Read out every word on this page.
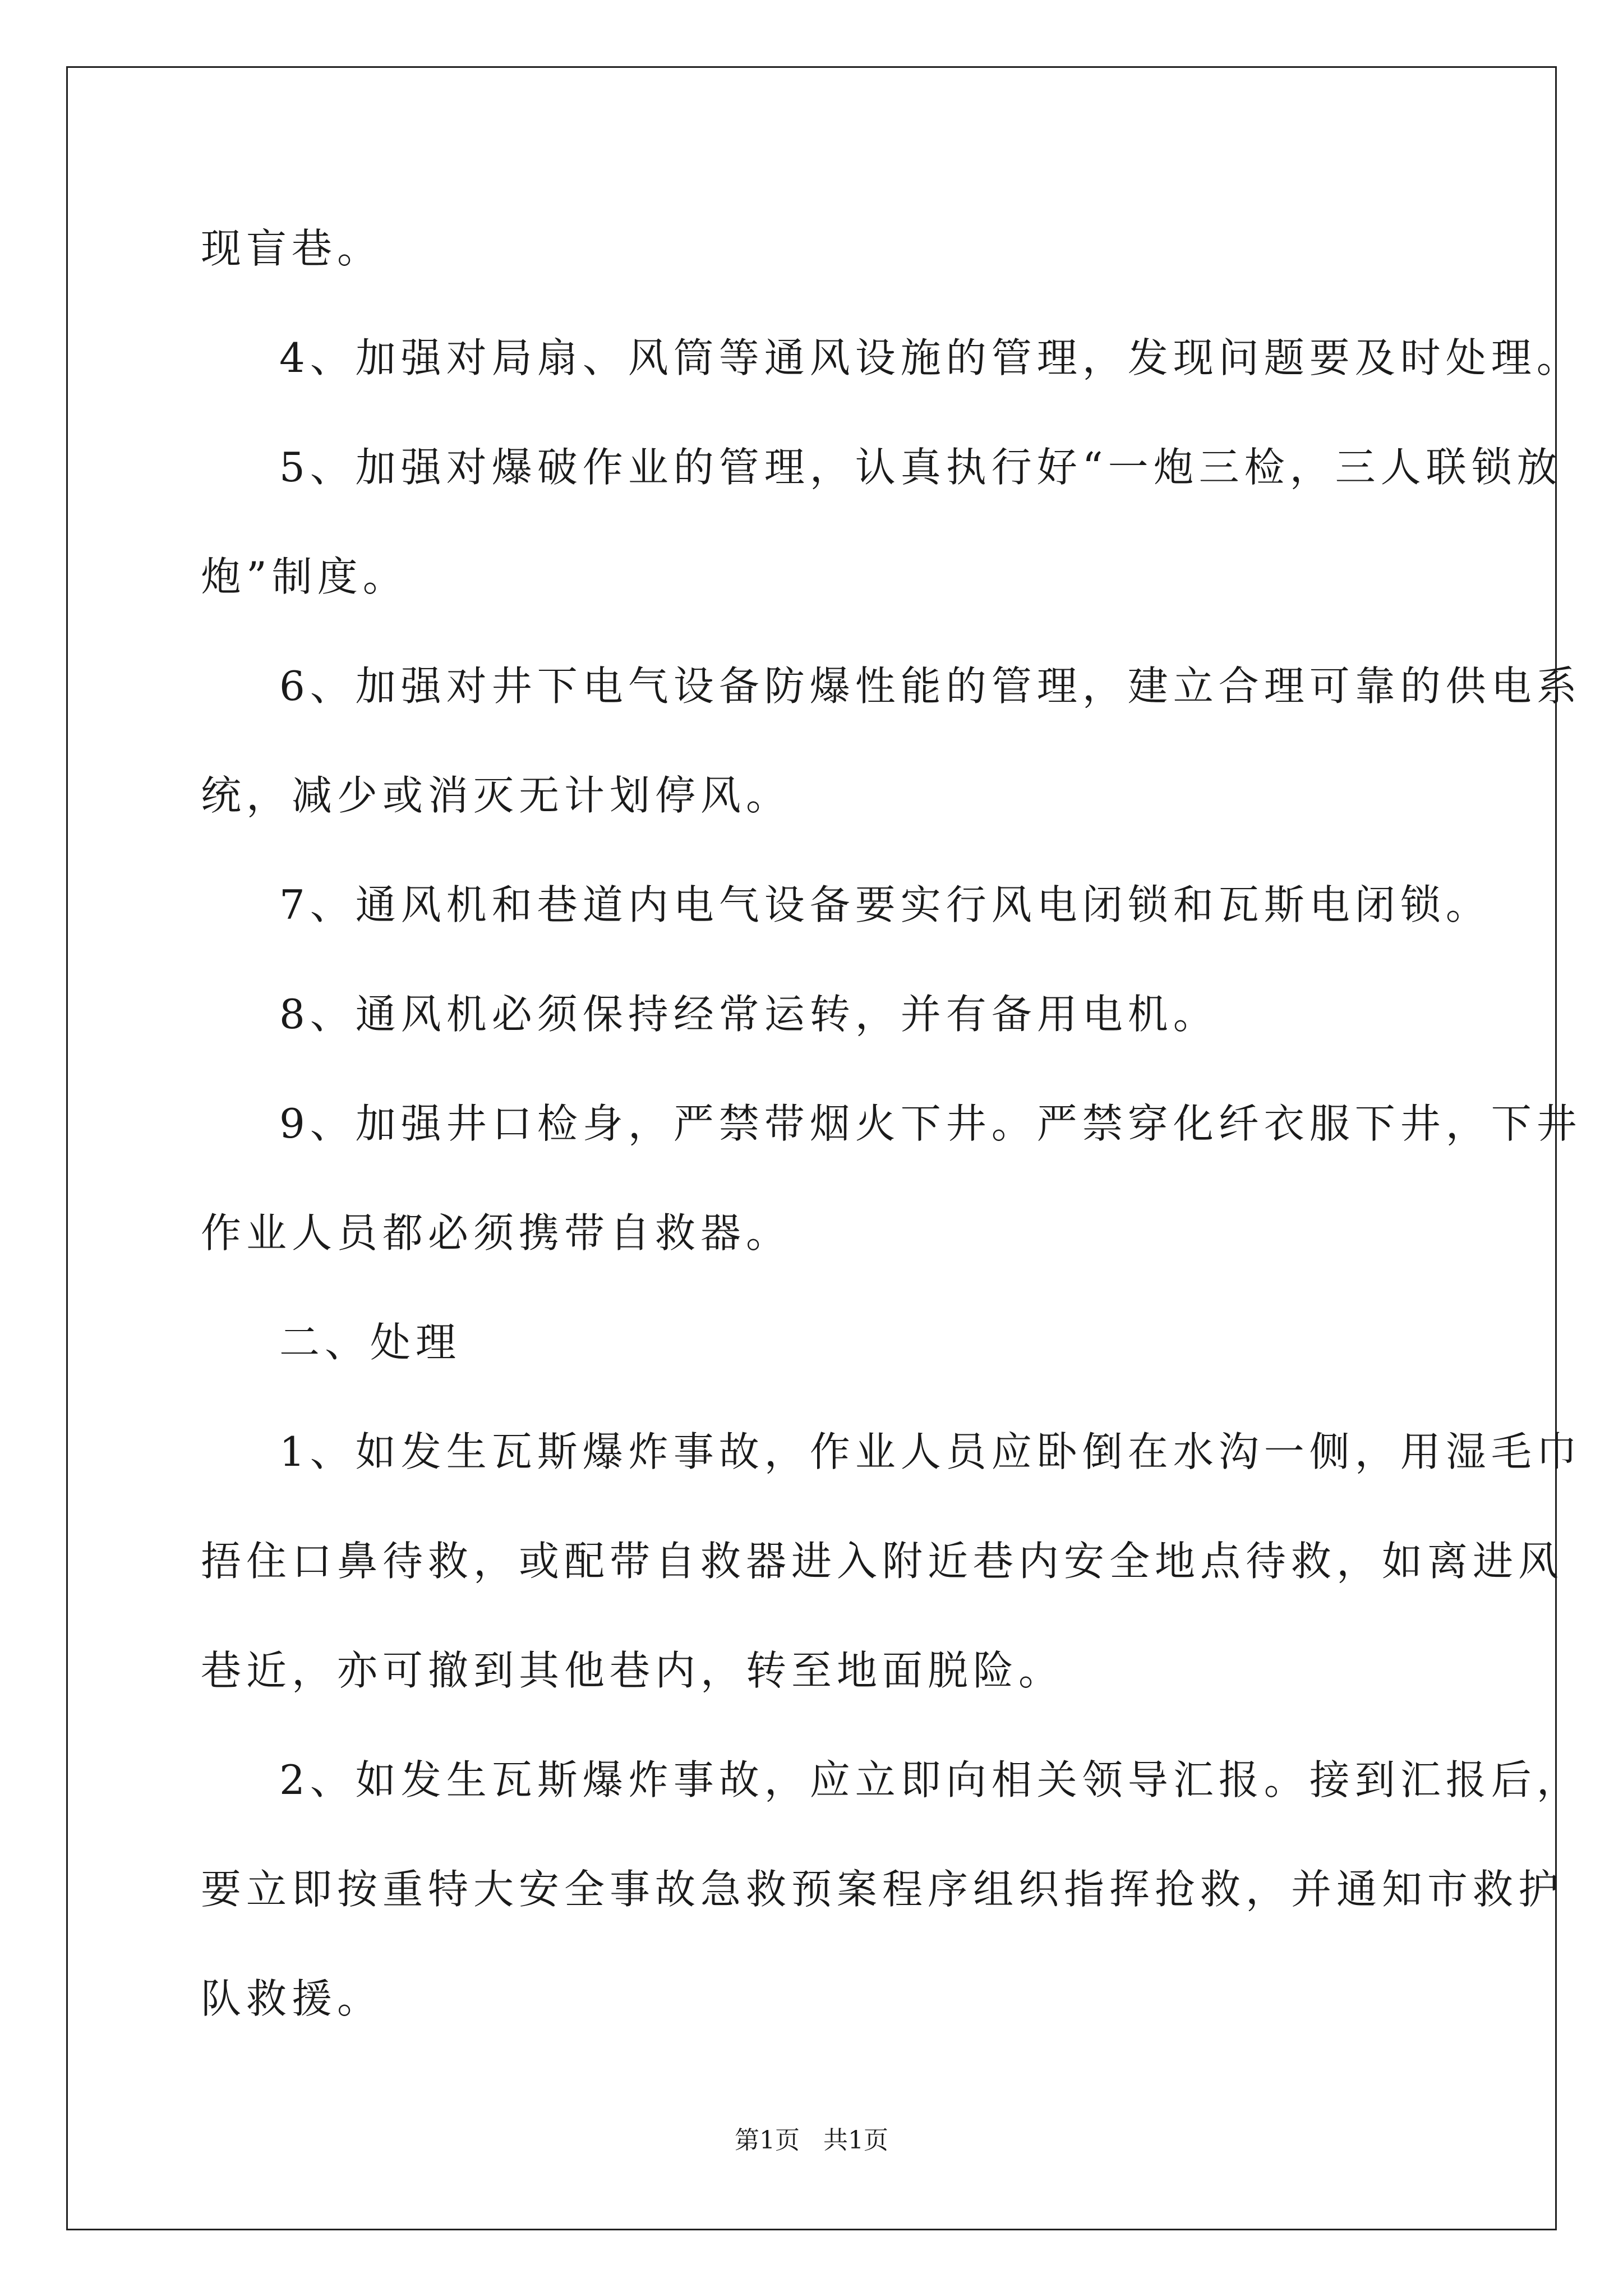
现盲巷。
4、加强对局扇、风筒等通风设施的管理，发现问题要及时处理。
5、加强对爆破作业的管理，认真执行好“一炮三检，三人联锁放
炮”制度。
6、加强对井下电气设备防爆性能的管理，建立合理可靠的供电系
统，减少或消灭无计划停风。
7、通风机和巷道内电气设备要实行风电闭锁和瓦斯电闭锁。
8、通风机必须保持经常运转，并有备用电机。
9、加强井口检身，严禁带烟火下井。严禁穿化纤衣服下井，下井
作业人员都必须携带自救器。
二、处理
1、如发生瓦斯爆炸事故，作业人员应卧倒在水沟一侧，用湿毛巾
捂住口鼻待救，或配带自救器进入附近巷内安全地点待救，如离进风
巷近，亦可撤到其他巷内，转至地面脱险。
2、如发生瓦斯爆炸事故，应立即向相关领导汇报。接到汇报后，
要立即按重特大安全事故急救预案程序组织指挥抢救，并通知市救护
队救援。
第1页   共1页
